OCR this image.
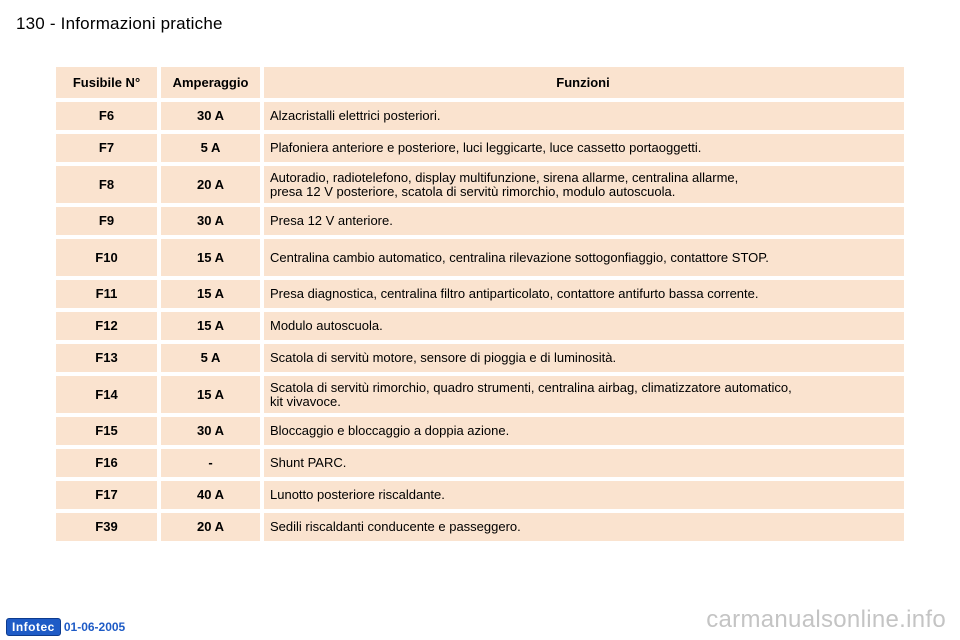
130 - Informazioni pratiche
Fusibile N°	Amperaggio	Funzioni
F6	30 A	Alzacristalli elettrici posteriori.
F7	5 A	Plafoniera anteriore e posteriore, luci leggicarte, luce cassetto portaoggetti.
F8	20 A	Autoradio, radiotelefono, display multifunzione, sirena allarme, centralina allarme,
presa 12 V posteriore, scatola di servitù rimorchio, modulo autoscuola.
F9	30 A	Presa 12 V anteriore.
F10	15 A	Centralina cambio automatico, centralina rilevazione sottogonfiaggio, contattore STOP.
F11	15 A	Presa diagnostica, centralina filtro antiparticolato, contattore antifurto bassa corrente.
F12	15 A	Modulo autoscuola.
F13	5 A	Scatola di servitù motore, sensore di pioggia e di luminosità.
F14	15 A	Scatola di servitù rimorchio, quadro strumenti, centralina airbag, climatizzatore automatico,
kit vivavoce.
F15	30 A	Bloccaggio e bloccaggio a doppia azione.
F16	-	Shunt PARC.
F17	40 A	Lunotto posteriore riscaldante.
F39	20 A	Sedili riscaldanti conducente e passeggero.
Infotec 01-06-2005	carmanualsonline.info
